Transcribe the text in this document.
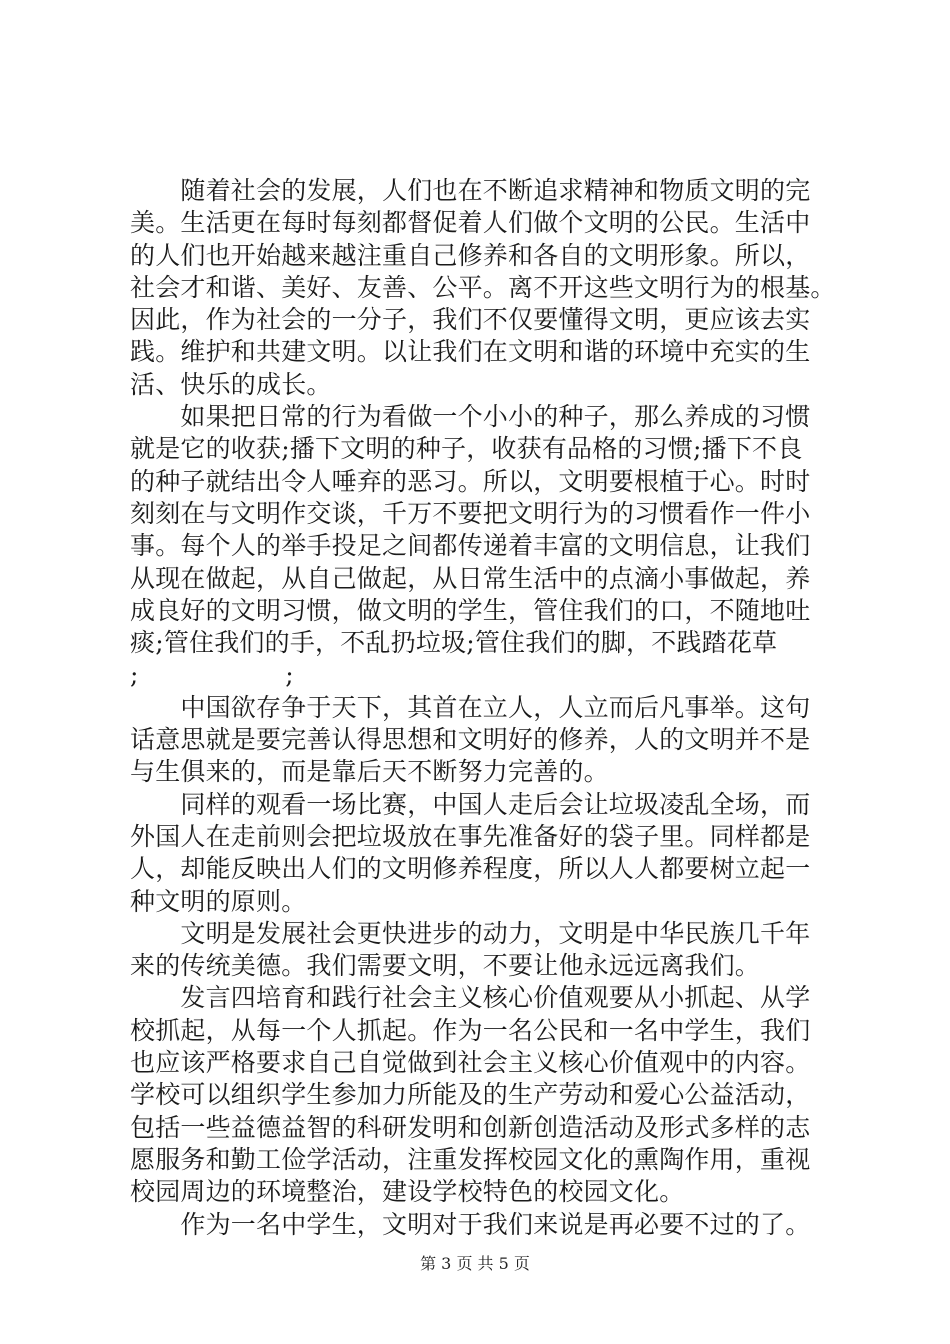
　　随着社会的发展，人们也在不断追求精神和物质文明的完
美。生活更在每时每刻都督促着人们做个文明的公民。生活中
的人们也开始越来越注重自己修养和各自的文明形象。所以，
社会才和谐、美好、友善、公平。离不开这些文明行为的根基。
因此，作为社会的一分子，我们不仅要懂得文明，更应该去实
践。维护和共建文明。以让我们在文明和谐的环境中充实的生
活、快乐的成长。
　　如果把日常的行为看做一个小小的种子，那么养成的习惯
就是它的收获;播下文明的种子，收获有品格的习惯;播下不良
的种子就结出令人唾弃的恶习。所以，文明要根植于心。时时
刻刻在与文明作交谈，千万不要把文明行为的习惯看作一件小
事。每个人的举手投足之间都传递着丰富的文明信息，让我们
从现在做起，从自己做起，从日常生活中的点滴小事做起，养
成良好的文明习惯，做文明的学生，管住我们的口，不随地吐
痰;管住我们的手，不乱扔垃圾;管住我们的脚，不践踏花草
;                  ;
　　中国欲存争于天下，其首在立人，人立而后凡事举。这句
话意思就是要完善认得思想和文明好的修养，人的文明并不是
与生俱来的，而是靠后天不断努力完善的。
　　同样的观看一场比赛，中国人走后会让垃圾凌乱全场，而
外国人在走前则会把垃圾放在事先准备好的袋子里。同样都是
人，却能反映出人们的文明修养程度，所以人人都要树立起一
种文明的原则。
　　文明是发展社会更快进步的动力，文明是中华民族几千年
来的传统美德。我们需要文明，不要让他永远远离我们。
　　发言四培育和践行社会主义核心价值观要从小抓起、从学
校抓起，从每一个人抓起。作为一名公民和一名中学生，我们
也应该严格要求自己自觉做到社会主义核心价值观中的内容。
学校可以组织学生参加力所能及的生产劳动和爱心公益活动，
包括一些益德益智的科研发明和创新创造活动及形式多样的志
愿服务和勤工俭学活动，注重发挥校园文化的熏陶作用，重视
校园周边的环境整治，建设学校特色的校园文化。
　　作为一名中学生，文明对于我们来说是再必要不过的了。
第 3 页 共 5 页
